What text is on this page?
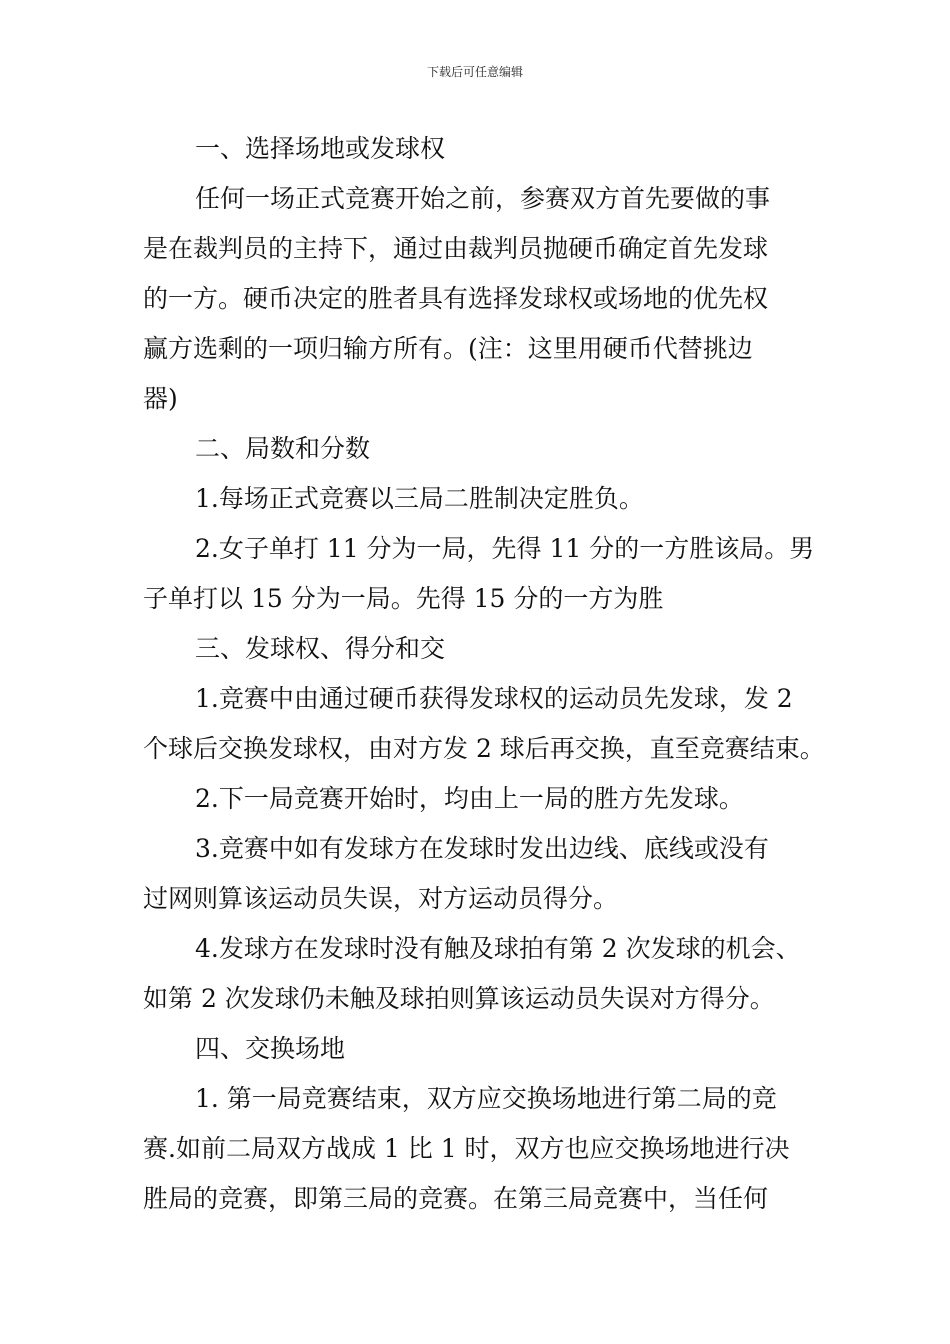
下载后可任意编辑
一、选择场地或发球权
任何一场正式竞赛开始之前，参赛双方首先要做的事
是在裁判员的主持下，通过由裁判员抛硬币确定首先发球
的一方。硬币决定的胜者具有选择发球权或场地的优先权
赢方选剩的一项归输方所有。(注：这里用硬币代替挑边
器)
二、局数和分数
1.每场正式竞赛以三局二胜制决定胜负。
2.女子单打 11 分为一局，先得 11 分的一方胜该局。男
子单打以 15 分为一局。先得 15 分的一方为胜
三、发球权、得分和交
1.竞赛中由通过硬币获得发球权的运动员先发球，发 2
个球后交换发球权，由对方发 2 球后再交换，直至竞赛结束。
2.下一局竞赛开始时，均由上一局的胜方先发球。
3.竞赛中如有发球方在发球时发出边线、底线或没有
过网则算该运动员失误，对方运动员得分。
4.发球方在发球时没有触及球拍有第 2 次发球的机会、
如第 2 次发球仍未触及球拍则算该运动员失误对方得分。
四、交换场地
1. 第一局竞赛结束，双方应交换场地进行第二局的竞
赛.如前二局双方战成 1 比 1 时，双方也应交换场地进行决
胜局的竞赛，即第三局的竞赛。在第三局竞赛中，当任何
